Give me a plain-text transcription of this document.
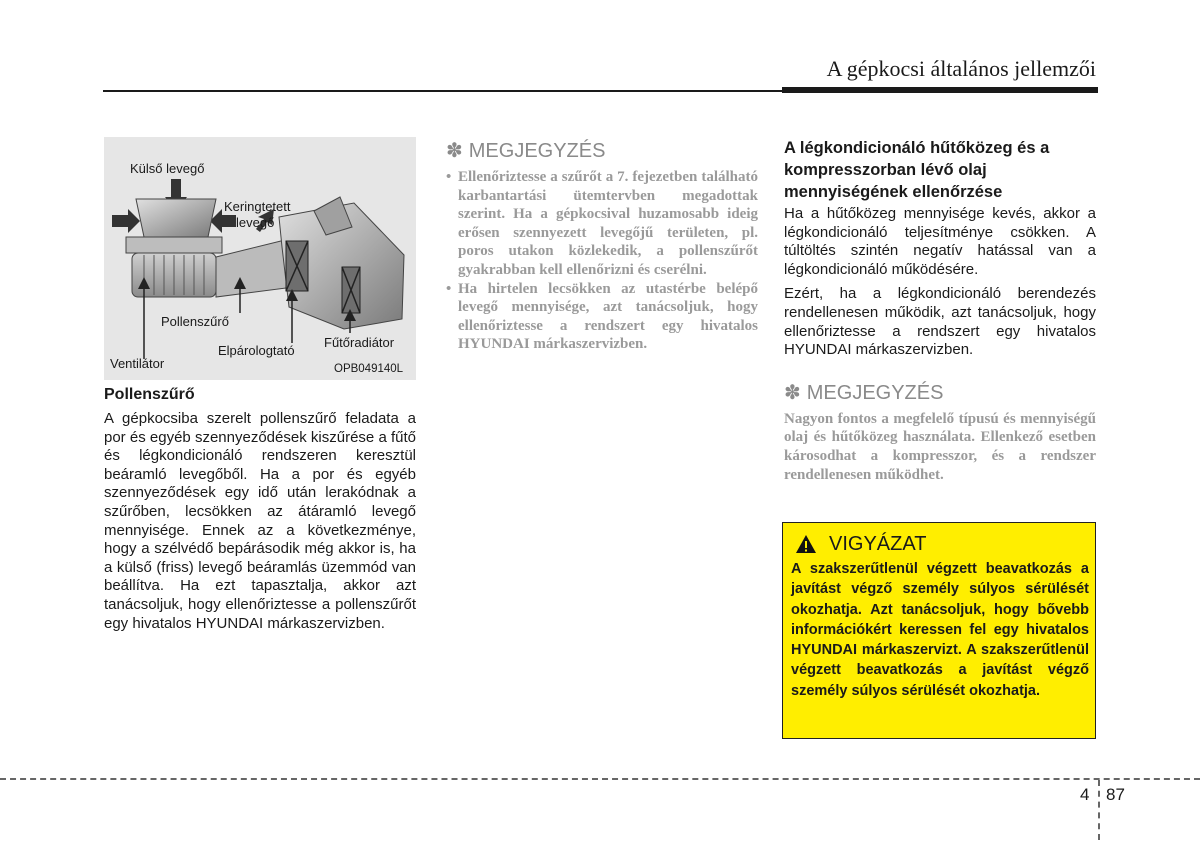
A gépkocsi általános jellemzői
Külső levegő
Keringtetett
levegő
Pollenszűrő
Elpárologtató
Fűtőradiátor
Ventilátor	OPB049140L
Pollenszűrő

A gépkocsiba szerelt pollenszűrő feladata a por és egyéb szennyeződések kiszűrése a fűtő és légkondicionáló rendszeren keresztül beáramló levegőből. Ha a por és egyéb szennyeződések egy idő után lerakódnak a szűrőben, lecsökken az átáramló levegő mennyisége. Ennek az a következménye, hogy a szélvédő bepárásodik még akkor is, ha a külső (friss) levegő beáramlás üzemmód van beállítva. Ha ezt tapasztalja, akkor azt tanácsoljuk, hogy ellenőriztesse a pollenszűrőt egy hivatalos HYUNDAI márkaszervizben.

✽ MEGJEGYZÉS
• Ellenőriztesse a szűrőt a 7. fejezetben található karbantartási ütemtervben megadottak szerint. Ha a gépkocsival huzamosabb ideig erősen szennyezett levegőjű területen, pl. poros utakon közlekedik, a pollenszűrőt gyakrabban kell ellenőrizni és cserélni.
• Ha hirtelen lecsökken az utastérbe belépő levegő mennyisége, azt tanácsoljuk, hogy ellenőriztesse a rendszert egy hivatalos HYUNDAI márkaszervizben.
A légkondicionáló hűtőközeg és a kompresszorban lévő olaj mennyiségének ellenőrzése

Ha a hűtőközeg mennyisége kevés, akkor a légkondicionáló teljesítménye csökken. A túltöltés szintén negatív hatással van a légkondicionáló működésére.

Ezért, ha a légkondicionáló berendezés rendellenesen működik, azt tanácsoljuk, hogy ellenőriztesse a rendszert egy hivatalos HYUNDAI márkaszervizben.

✽ MEGJEGYZÉS

Nagyon fontos a megfelelő típusú és mennyiségű olaj és hűtőközeg használata. Ellenkező esetben károsodhat a kompresszor, és a rendszer rendellenesen működhet.

VIGYÁZAT

A szakszerűtlenül végzett beavatkozás a javítást végző személy súlyos sérülését okozhatja. Azt tanácsoljuk, hogy bővebb információkért keressen fel egy hivatalos HYUNDAI márkaszervizt. A szakszerűtlenül végzett beavatkozás a javítást végző személy súlyos sérülését okozhatja.

4 87
